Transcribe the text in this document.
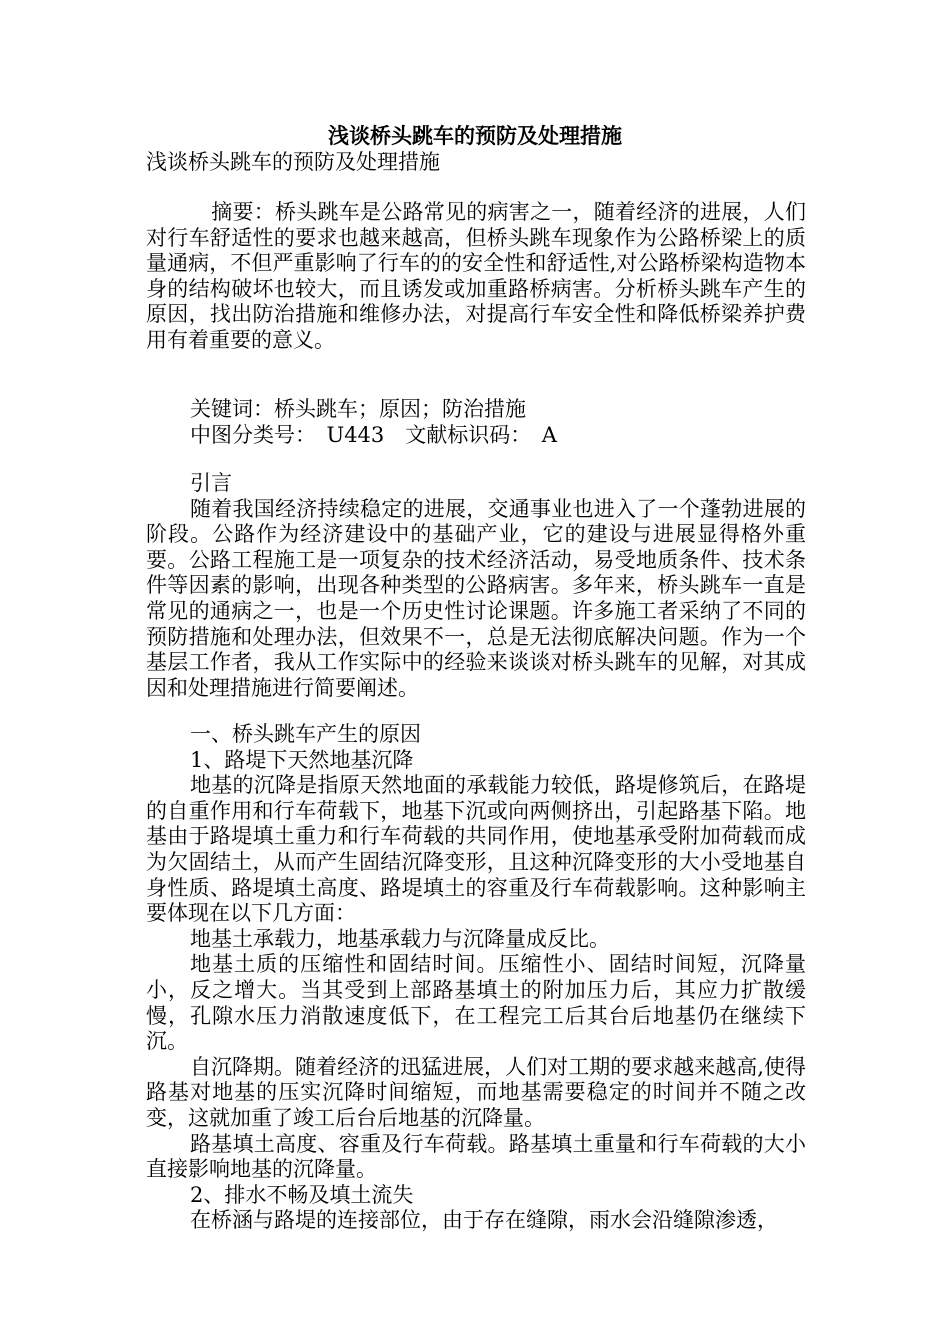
浅谈桥头跳车的预防及处理措施

浅谈桥头跳车的预防及处理措施

　摘要：桥头跳车是公路常见的病害之一，随着经济的进展，人们对行车舒适性的要求也越来越高，但桥头跳车现象作为公路桥梁上的质量通病，不但严重影响了行车的的安全性和舒适性,对公路桥梁构造物本身的结构破坏也较大，而且诱发或加重路桥病害。分析桥头跳车产生的原因，找出防治措施和维修办法，对提高行车安全性和降低桥梁养护费用有着重要的意义。

关键词：桥头跳车；原因；防治措施

中图分类号：　U443　文献标识码：　A

引言

随着我国经济持续稳定的进展，交通事业也进入了一个蓬勃进展的阶段。公路作为经济建设中的基础产业，它的建设与进展显得格外重要。公路工程施工是一项复杂的技术经济活动，易受地质条件、技术条件等因素的影响，出现各种类型的公路病害。多年来，桥头跳车一直是常见的通病之一，也是一个历史性讨论课题。许多施工者采纳了不同的预防措施和处理办法，但效果不一，总是无法彻底解决问题。作为一个基层工作者，我从工作实际中的经验来谈谈对桥头跳车的见解，对其成因和处理措施进行简要阐述。

一、桥头跳车产生的原因

1、路堤下天然地基沉降

地基的沉降是指原天然地面的承载能力较低，路堤修筑后，在路堤的自重作用和行车荷载下，地基下沉或向两侧挤出，引起路基下陷。地基由于路堤填土重力和行车荷载的共同作用，使地基承受附加荷载而成为欠固结土，从而产生固结沉降变形，且这种沉降变形的大小受地基自身性质、路堤填土高度、路堤填土的容重及行车荷载影响。这种影响主要体现在以下几方面：

地基土承载力，地基承载力与沉降量成反比。

地基土质的压缩性和固结时间。压缩性小、固结时间短，沉降量小，反之增大。当其受到上部路基填土的附加压力后，其应力扩散缓慢，孔隙水压力消散速度低下，在工程完工后其台后地基仍在继续下沉。

自沉降期。随着经济的迅猛进展，人们对工期的要求越来越高,使得路基对地基的压实沉降时间缩短，而地基需要稳定的时间并不随之改变，这就加重了竣工后台后地基的沉降量。

路基填土高度、容重及行车荷载。路基填土重量和行车荷载的大小直接影响地基的沉降量。

2、排水不畅及填土流失

在桥涵与路堤的连接部位，由于存在缝隙，雨水会沿缝隙渗透，
